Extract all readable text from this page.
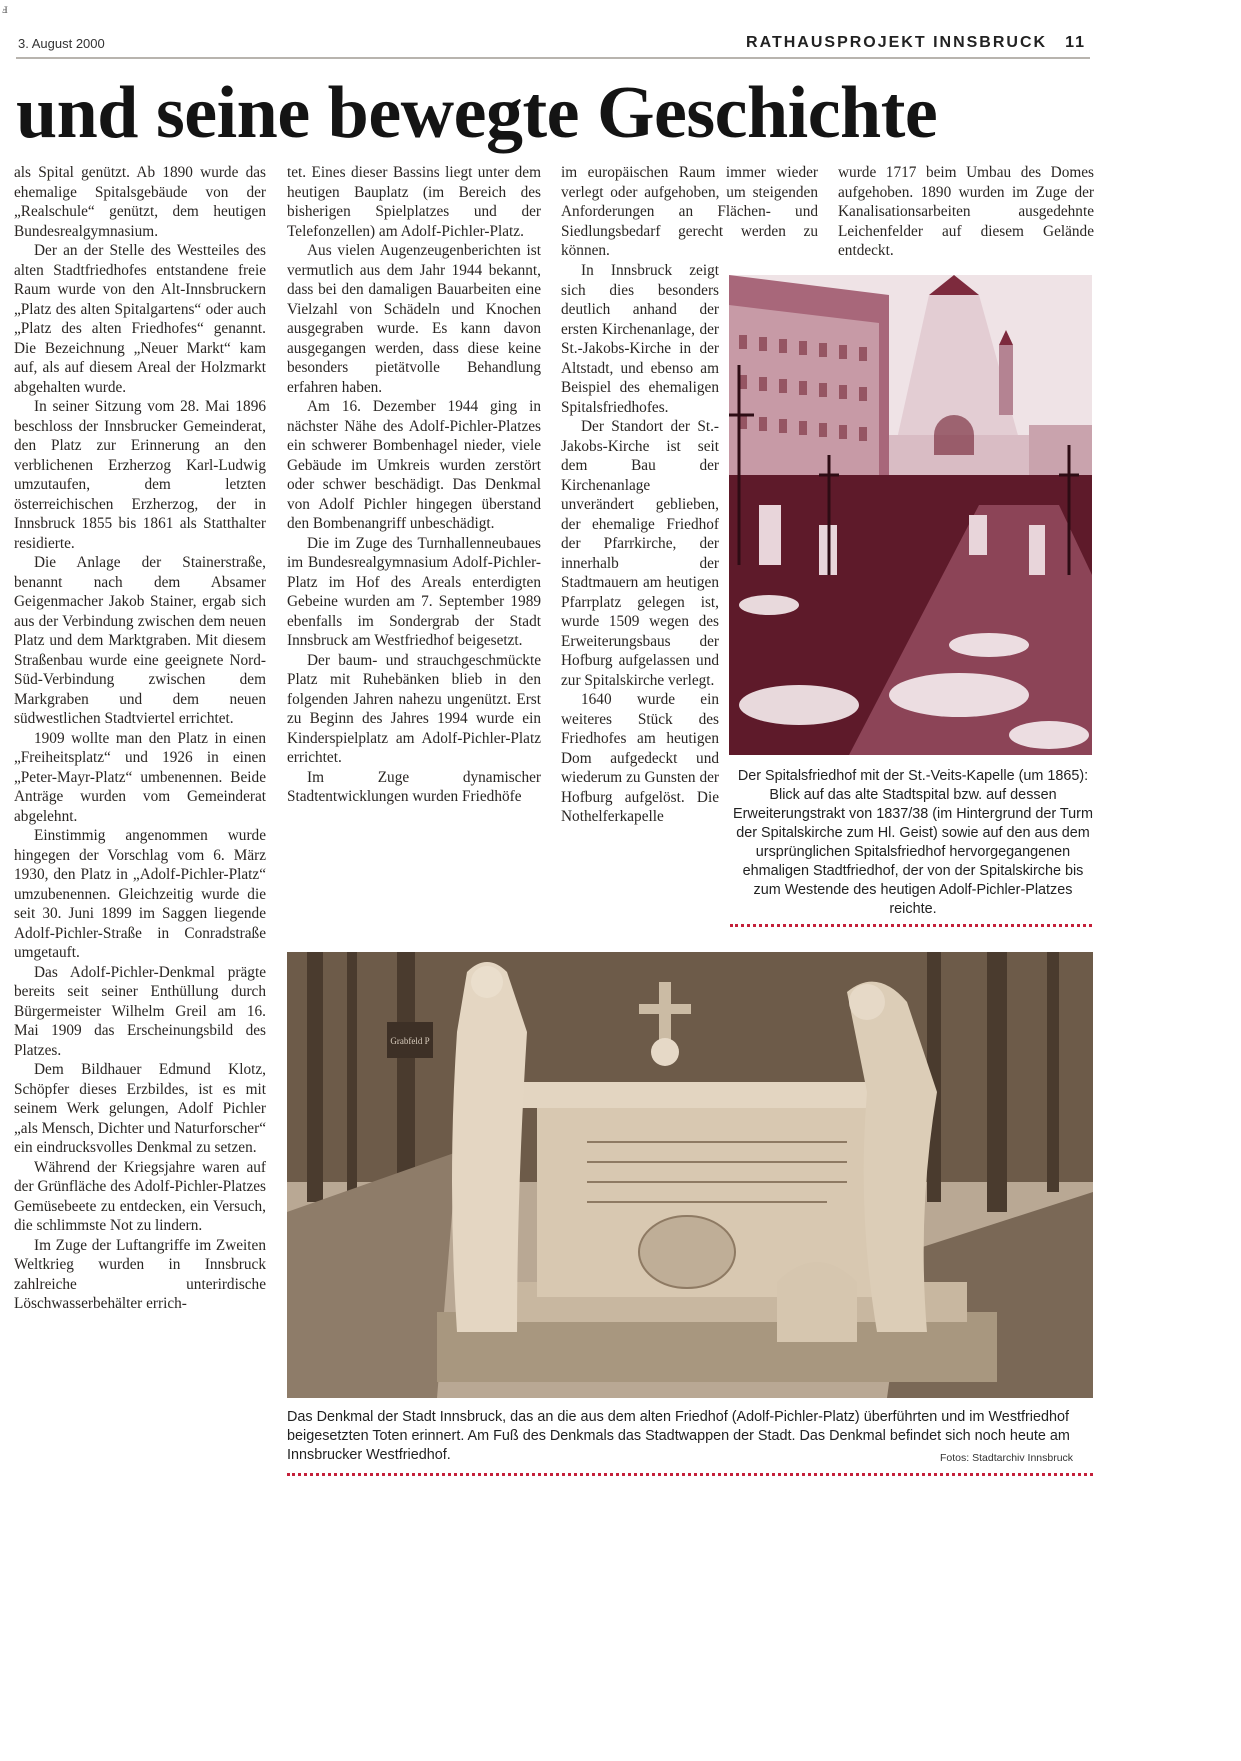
ⅎ
3. August 2000	RATHAUSPROJEKT INNSBRUCK 11
und seine bewegte Geschichte

als Spital genützt. Ab 1890 wurde das ehemalige Spitalsgebäude von der „Realschule“ genützt, dem heutigen Bundesrealgymnasium.

Der an der Stelle des Westteiles des alten Stadtfriedhofes entstandene freie Raum wurde von den Alt-Innsbruckern „Platz des alten Spitalgartens“ oder auch „Platz des alten Friedhofes“ genannt. Die Bezeichnung „Neuer Markt“ kam auf, als auf diesem Areal der Holzmarkt abgehalten wurde.

In seiner Sitzung vom 28. Mai 1896 beschloss der Innsbrucker Gemeinderat, den Platz zur Erinnerung an den verblichenen Erzherzog Karl-Ludwig umzutaufen, dem letzten österreichischen Erzherzog, der in Innsbruck 1855 bis 1861 als Statthalter residierte.

Die Anlage der Stainerstraße, benannt nach dem Absamer Geigenmacher Jakob Stainer, ergab sich aus der Verbindung zwischen dem neuen Platz und dem Marktgraben. Mit diesem Straßenbau wurde eine geeignete Nord-Süd-Verbindung zwischen dem Markgraben und dem neuen südwestlichen Stadtviertel errichtet.

1909 wollte man den Platz in einen „Freiheitsplatz“ und 1926 in einen „Peter-Mayr-Platz“ umbenennen. Beide Anträge wurden vom Gemeinderat abgelehnt.

Einstimmig angenommen wurde hingegen der Vorschlag vom 6. März 1930, den Platz in „Adolf-Pichler-Platz“ umzubenennen. Gleichzeitig wurde die seit 30. Juni 1899 im Saggen liegende Adolf-Pichler-Straße in Conradstraße umgetauft.

Das Adolf-Pichler-Denkmal prägte bereits seit seiner Enthüllung durch Bürgermeister Wilhelm Greil am 16. Mai 1909 das Erscheinungsbild des Platzes.

Dem Bildhauer Edmund Klotz, Schöpfer dieses Erzbildes, ist es mit seinem Werk gelungen, Adolf Pichler „als Mensch, Dichter und Naturforscher“ ein eindrucksvolles Denkmal zu setzen.

Während der Kriegsjahre waren auf der Grünfläche des Adolf-Pichler-Platzes Gemüsebeete zu entdecken, ein Versuch, die schlimmste Not zu lindern.

Im Zuge der Luftangriffe im Zweiten Weltkrieg wurden in Innsbruck zahlreiche unterirdische Löschwasserbehälter errich-

tet. Eines dieser Bassins liegt unter dem heutigen Bauplatz (im Bereich des bisherigen Spielplatzes und der Telefonzellen) am Adolf-Pichler-Platz.

Aus vielen Augenzeugenberichten ist vermutlich aus dem Jahr 1944 bekannt, dass bei den damaligen Bauarbeiten eine Vielzahl von Schädeln und Knochen ausgegraben wurde. Es kann davon ausgegangen werden, dass diese keine besonders pietätvolle Behandlung erfahren haben.

Am 16. Dezember 1944 ging in nächster Nähe des Adolf-Pichler-Platzes ein schwerer Bombenhagel nieder, viele Gebäude im Umkreis wurden zerstört oder schwer beschädigt. Das Denkmal von Adolf Pichler hingegen überstand den Bombenangriff unbeschädigt.

Die im Zuge des Turnhallenneubaues im Bundesrealgymnasium Adolf-Pichler-Platz im Hof des Areals enterdigten Gebeine wurden am 7. September 1989 ebenfalls im Sondergrab der Stadt Innsbruck am Westfriedhof beigesetzt.

Der baum- und strauchgeschmückte Platz mit Ruhebänken blieb in den folgenden Jahren nahezu ungenützt. Erst zu Beginn des Jahres 1994 wurde ein Kinderspielplatz am Adolf-Pichler-Platz errichtet.

Im Zuge dynamischer Stadtentwicklungen wurden Friedhöfe

im europäischen Raum immer wieder verlegt oder aufgehoben, um steigenden Anforderungen an Flächen- und Siedlungsbedarf gerecht werden zu können.

In Innsbruck zeigt sich dies besonders deutlich anhand der ersten Kirchenanlage, der St.-Jakobs-Kirche in der Altstadt, und ebenso am Beispiel des ehemaligen Spitalsfriedhofes.

Der Standort der St.-Jakobs-Kirche ist seit dem Bau der Kirchenanlage unverändert geblieben, der ehemalige Friedhof der Pfarrkirche, der innerhalb der Stadtmauern am heutigen Pfarrplatz gelegen ist, wurde 1509 wegen des Erweiterungsbaus der Hofburg aufgelassen und zur Spitalskirche verlegt.

1640 wurde ein weiteres Stück des Friedhofes am heutigen Dom aufgedeckt und wiederum zu Gunsten der Hofburg aufgelöst. Die Nothelferkapelle

wurde 1717 beim Umbau des Domes aufgehoben. 1890 wurden im Zuge der Kanalisationsarbeiten ausgedehnte Leichenfelder auf diesem Gelände entdeckt.

Der Spitalsfriedhof mit der St.-Veits-Kapelle (um 1865): Blick auf das alte Stadtspital bzw. auf dessen Erweiterungstrakt von 1837/38 (im Hintergrund der Turm der Spitalskirche zum Hl. Geist) sowie auf den aus dem ursprünglichen Spitalsfriedhof hervorgegangenen ehmaligen Stadtfriedhof, der von der Spitalskirche bis zum Westende des heutigen Adolf-Pichler-Platzes reichte.
Grabfeld P
Das Denkmal der Stadt Innsbruck, das an die aus dem alten Friedhof (Adolf-Pichler-Platz) überführten und im Westfriedhof beigesetzten Toten erinnert. Am Fuß des Denkmals das Stadtwappen der Stadt. Das Denkmal befindet sich noch heute am Innsbrucker Westfriedhof.	Fotos: Stadtarchiv Innsbruck
